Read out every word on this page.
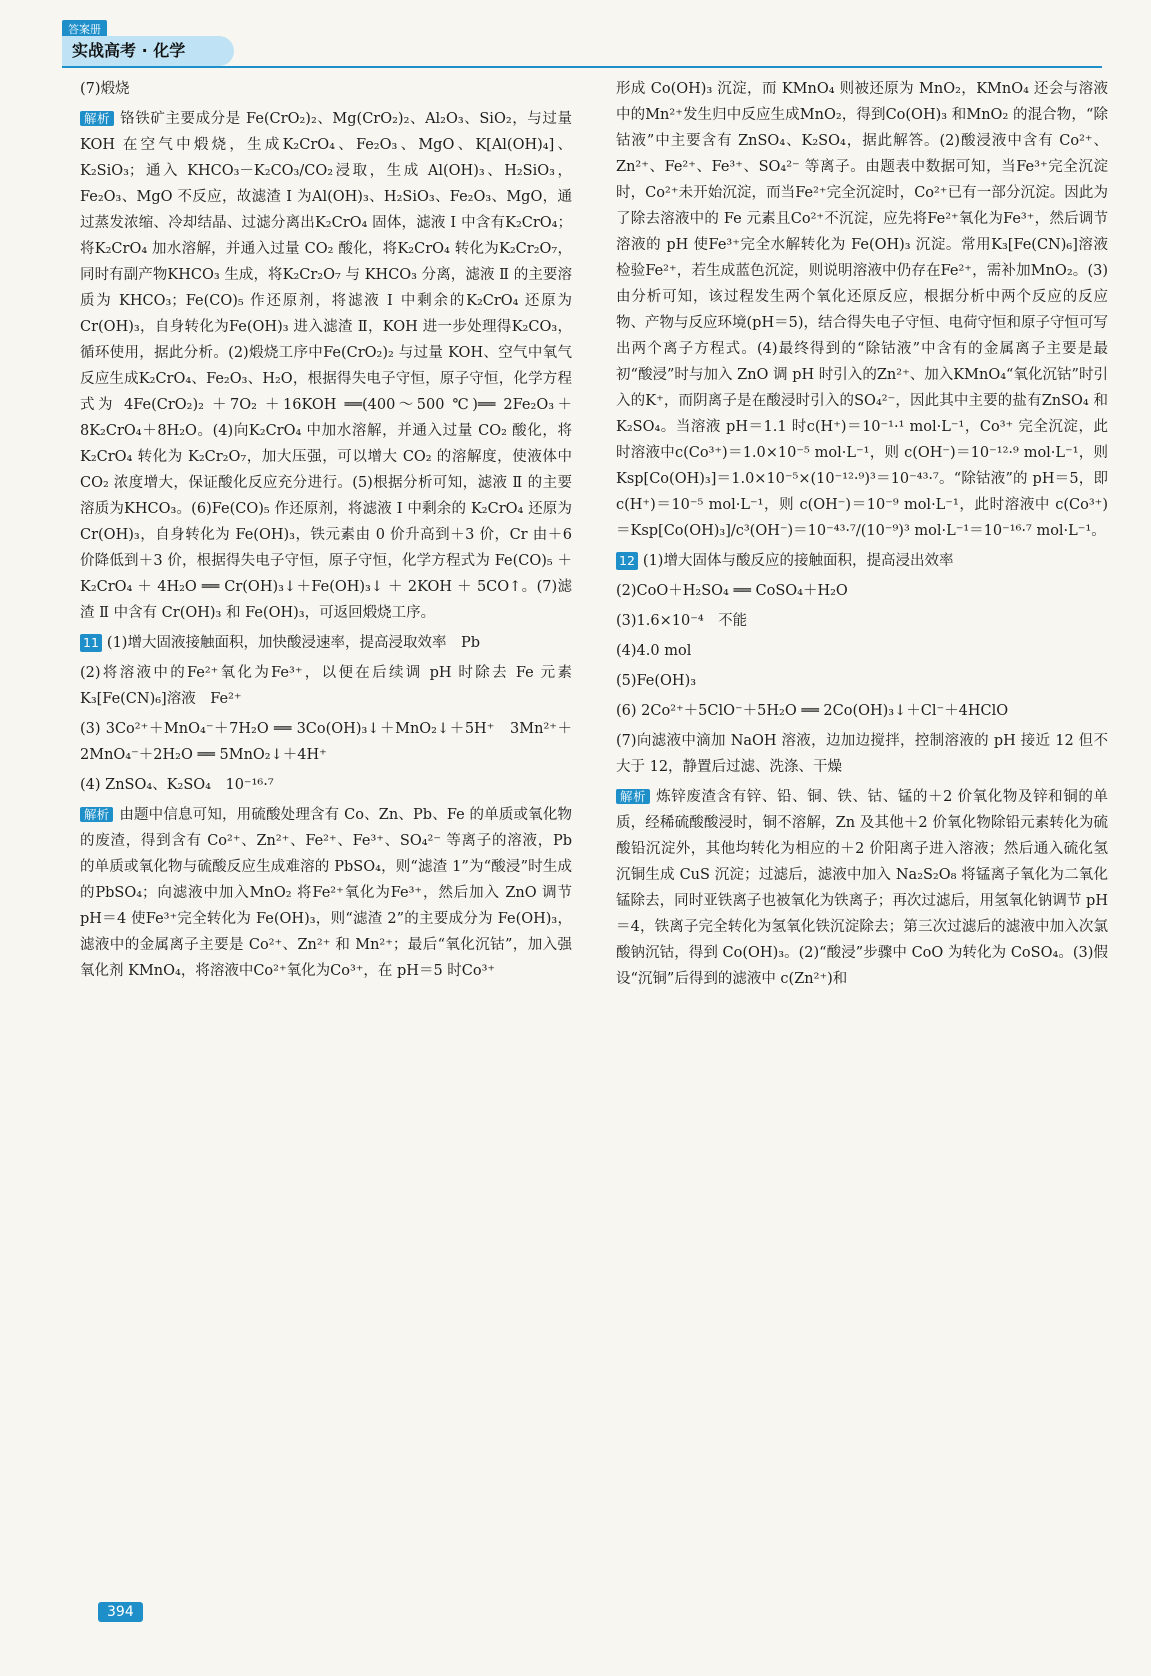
答案册
实战高考 · 化学

(7)煅烧

解析 铬铁矿主要成分是 Fe(CrO₂)₂、Mg(CrO₂)₂、Al₂O₃、SiO₂，与过量 KOH 在空气中煅烧，生成K₂CrO₄、Fe₂O₃、MgO、K[Al(OH)₄]、K₂SiO₃；通入 KHCO₃－K₂CO₃/CO₂浸取，生成 Al(OH)₃、H₂SiO₃，Fe₂O₃、MgO 不反应，故滤渣 Ⅰ 为Al(OH)₃、H₂SiO₃、Fe₂O₃、MgO，通过蒸发浓缩、冷却结晶、过滤分离出K₂CrO₄ 固体，滤液 Ⅰ 中含有K₂CrO₄；将K₂CrO₄ 加水溶解，并通入过量 CO₂ 酸化，将K₂CrO₄ 转化为K₂Cr₂O₇，同时有副产物KHCO₃ 生成，将K₂Cr₂O₇ 与 KHCO₃ 分离，滤液 Ⅱ 的主要溶质为 KHCO₃；Fe(CO)₅ 作还原剂，将滤液 Ⅰ 中剩余的K₂CrO₄ 还原为Cr(OH)₃，自身转化为Fe(OH)₃ 进入滤渣 Ⅱ，KOH 进一步处理得K₂CO₃，循环使用，据此分析。(2)煅烧工序中Fe(CrO₂)₂ 与过量 KOH、空气中氧气反应生成K₂CrO₄、Fe₂O₃、H₂O，根据得失电子守恒，原子守恒，化学方程式为 4Fe(CrO₂)₂ ＋7O₂ ＋16KOH ══(400～500 ℃)══ 2Fe₂O₃＋8K₂CrO₄＋8H₂O。(4)向K₂CrO₄ 中加水溶解，并通入过量 CO₂ 酸化，将 K₂CrO₄ 转化为 K₂Cr₂O₇，加大压强，可以增大 CO₂ 的溶解度，使液体中 CO₂ 浓度增大，保证酸化反应充分进行。(5)根据分析可知，滤液 Ⅱ 的主要溶质为KHCO₃。(6)Fe(CO)₅ 作还原剂，将滤液 Ⅰ 中剩余的 K₂CrO₄ 还原为 Cr(OH)₃，自身转化为 Fe(OH)₃，铁元素由 0 价升高到＋3 价，Cr 由＋6 价降低到＋3 价，根据得失电子守恒，原子守恒，化学方程式为 Fe(CO)₅ ＋ K₂CrO₄ ＋ 4H₂O ══ Cr(OH)₃↓＋Fe(OH)₃↓ ＋ 2KOH ＋ 5CO↑。(7)滤渣 Ⅱ 中含有 Cr(OH)₃ 和 Fe(OH)₃，可返回煅烧工序。

11 (1)增大固液接触面积，加快酸浸速率，提高浸取效率　Pb

(2)将溶液中的Fe²⁺氧化为Fe³⁺，以便在后续调 pH 时除去 Fe 元素　K₃[Fe(CN)₆]溶液　Fe²⁺

(3) 3Co²⁺＋MnO₄⁻＋7H₂O ══ 3Co(OH)₃↓＋MnO₂↓＋5H⁺　3Mn²⁺＋2MnO₄⁻＋2H₂O ══ 5MnO₂↓＋4H⁺

(4) ZnSO₄、K₂SO₄　10⁻¹⁶·⁷

解析 由题中信息可知，用硫酸处理含有 Co、Zn、Pb、Fe 的单质或氧化物的废渣，得到含有 Co²⁺、Zn²⁺、Fe²⁺、Fe³⁺、SO₄²⁻ 等离子的溶液，Pb 的单质或氧化物与硫酸反应生成难溶的 PbSO₄，则“滤渣 1”为“酸浸”时生成的PbSO₄；向滤液中加入MnO₂ 将Fe²⁺氧化为Fe³⁺，然后加入 ZnO 调节 pH＝4 使Fe³⁺完全转化为 Fe(OH)₃，则“滤渣 2”的主要成分为 Fe(OH)₃，滤液中的金属离子主要是 Co²⁺、Zn²⁺ 和 Mn²⁺；最后“氧化沉钴”，加入强氧化剂 KMnO₄，将溶液中Co²⁺氧化为Co³⁺，在 pH＝5 时Co³⁺

形成 Co(OH)₃ 沉淀，而 KMnO₄ 则被还原为 MnO₂，KMnO₄ 还会与溶液中的Mn²⁺发生归中反应生成MnO₂，得到Co(OH)₃ 和MnO₂ 的混合物，“除钴液”中主要含有 ZnSO₄、K₂SO₄，据此解答。(2)酸浸液中含有 Co²⁺、Zn²⁺、Fe²⁺、Fe³⁺、SO₄²⁻ 等离子。由题表中数据可知，当Fe³⁺完全沉淀时，Co²⁺未开始沉淀，而当Fe²⁺完全沉淀时，Co²⁺已有一部分沉淀。因此为了除去溶液中的 Fe 元素且Co²⁺不沉淀，应先将Fe²⁺氧化为Fe³⁺，然后调节溶液的 pH 使Fe³⁺完全水解转化为 Fe(OH)₃ 沉淀。常用K₃[Fe(CN)₆]溶液检验Fe²⁺，若生成蓝色沉淀，则说明溶液中仍存在Fe²⁺，需补加MnO₂。(3)由分析可知，该过程发生两个氧化还原反应，根据分析中两个反应的反应物、产物与反应环境(pH＝5)，结合得失电子守恒、电荷守恒和原子守恒可写出两个离子方程式。(4)最终得到的“除钴液”中含有的金属离子主要是最初“酸浸”时与加入 ZnO 调 pH 时引入的Zn²⁺、加入KMnO₄“氧化沉钴”时引入的K⁺，而阴离子是在酸浸时引入的SO₄²⁻，因此其中主要的盐有ZnSO₄ 和K₂SO₄。当溶液 pH＝1.1 时c(H⁺)＝10⁻¹·¹ mol·L⁻¹，Co³⁺ 完全沉淀，此时溶液中c(Co³⁺)＝1.0×10⁻⁵ mol·L⁻¹，则 c(OH⁻)＝10⁻¹²·⁹ mol·L⁻¹，则 Ksp[Co(OH)₃]＝1.0×10⁻⁵×(10⁻¹²·⁹)³＝10⁻⁴³·⁷。“除钴液”的 pH＝5，即 c(H⁺)＝10⁻⁵ mol·L⁻¹，则 c(OH⁻)＝10⁻⁹ mol·L⁻¹，此时溶液中 c(Co³⁺)＝Ksp[Co(OH)₃]/c³(OH⁻)＝10⁻⁴³·⁷/(10⁻⁹)³ mol·L⁻¹＝10⁻¹⁶·⁷ mol·L⁻¹。

12 (1)增大固体与酸反应的接触面积，提高浸出效率

(2)CoO＋H₂SO₄ ══ CoSO₄＋H₂O

(3)1.6×10⁻⁴　不能

(4)4.0 mol

(5)Fe(OH)₃

(6) 2Co²⁺＋5ClO⁻＋5H₂O ══ 2Co(OH)₃↓＋Cl⁻＋4HClO

(7)向滤液中滴加 NaOH 溶液，边加边搅拌，控制溶液的 pH 接近 12 但不大于 12，静置后过滤、洗涤、干燥

解析 炼锌废渣含有锌、铅、铜、铁、钴、锰的＋2 价氧化物及锌和铜的单质，经稀硫酸酸浸时，铜不溶解，Zn 及其他＋2 价氧化物除铅元素转化为硫酸铅沉淀外，其他均转化为相应的＋2 价阳离子进入溶液；然后通入硫化氢沉铜生成 CuS 沉淀；过滤后，滤液中加入 Na₂S₂O₈ 将锰离子氧化为二氧化锰除去，同时亚铁离子也被氧化为铁离子；再次过滤后，用氢氧化钠调节 pH＝4，铁离子完全转化为氢氧化铁沉淀除去；第三次过滤后的滤液中加入次氯酸钠沉钴，得到 Co(OH)₃。(2)“酸浸”步骤中 CoO 为转化为 CoSO₄。(3)假设“沉铜”后得到的滤液中 c(Zn²⁺)和

394
